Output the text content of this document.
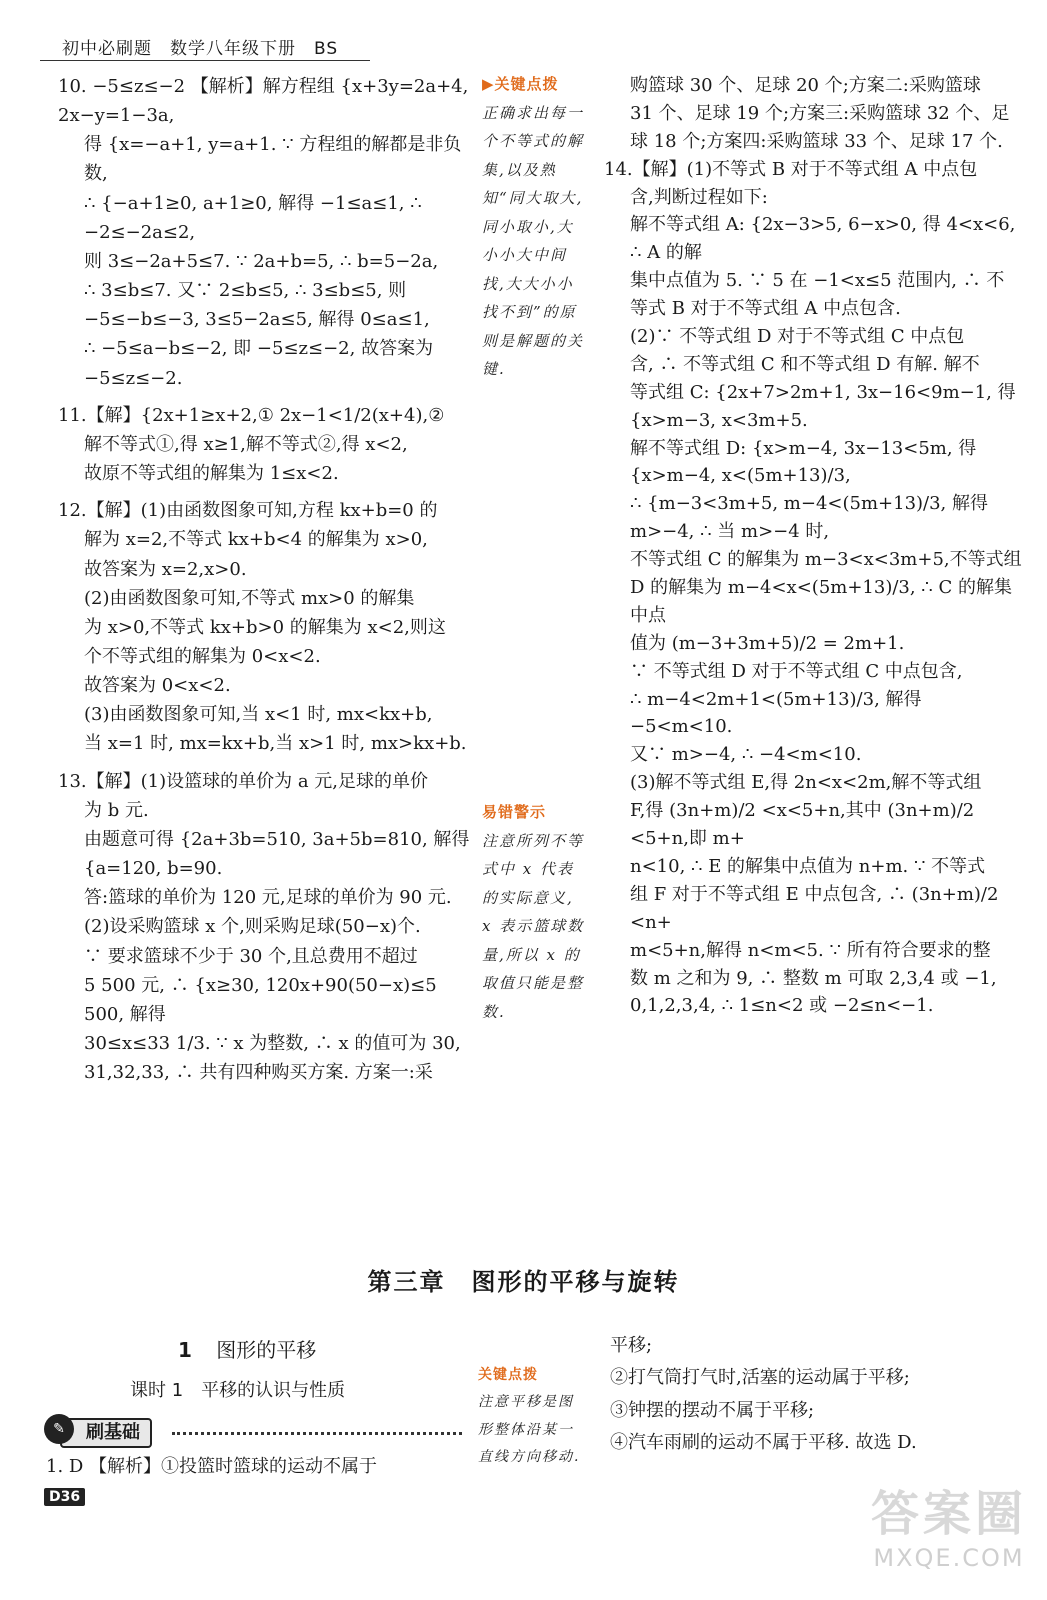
初中必刷题　数学八年级下册　BS

10. −5≤z≤−2 【解析】解方程组 {x+3y=2a+4, 2x−y=1−3a,

得 {x=−a+1, y=a+1. ∵ 方程组的解都是非负数,

∴ {−a+1≥0, a+1≥0, 解得 −1≤a≤1, ∴ −2≤−2a≤2,

则 3≤−2a+5≤7. ∵ 2a+b=5, ∴ b=5−2a,

∴ 3≤b≤7. 又∵ 2≤b≤5, ∴ 3≤b≤5, 则

−5≤−b≤−3, 3≤5−2a≤5, 解得 0≤a≤1,

∴ −5≤a−b≤−2, 即 −5≤z≤−2, 故答案为

−5≤z≤−2.

11.【解】{2x+1≥x+2,① 2x−1<1/2(x+4),②

解不等式①,得 x≥1,解不等式②,得 x<2,

故原不等式组的解集为 1≤x<2.

12.【解】(1)由函数图象可知,方程 kx+b=0 的

解为 x=2,不等式 kx+b<4 的解集为 x>0,

故答案为 x=2,x>0.

(2)由函数图象可知,不等式 mx>0 的解集

为 x>0,不等式 kx+b>0 的解集为 x<2,则这

个不等式组的解集为 0<x<2.

故答案为 0<x<2.

(3)由函数图象可知,当 x<1 时, mx<kx+b,

当 x=1 时, mx=kx+b,当 x>1 时, mx>kx+b.

13.【解】(1)设篮球的单价为 a 元,足球的单价

为 b 元.

由题意可得 {2a+3b=510, 3a+5b=810, 解得 {a=120, b=90.

答:篮球的单价为 120 元,足球的单价为 90 元.

(2)设采购篮球 x 个,则采购足球(50−x)个.

∵ 要求篮球不少于 30 个,且总费用不超过

5 500 元, ∴ {x≥30, 120x+90(50−x)≤5 500, 解得

30≤x≤33 1/3. ∵ x 为整数, ∴ x 的值可为 30,

31,32,33, ∴ 共有四种购买方案. 方案一:采

▶关键点拨
正确求出每一个不等式的解集,以及熟知“同大取大,同小取小,大小小大中间找,大大小小找不到”的原则是解题的关键.
易错警示
注意所列不等式中 x 代表的实际意义, x 表示篮球数量,所以 x 的取值只能是整数.

购篮球 30 个、足球 20 个;方案二:采购篮球

31 个、足球 19 个;方案三:采购篮球 32 个、足

球 18 个;方案四:采购篮球 33 个、足球 17 个.

14.【解】(1)不等式 B 对于不等式组 A 中点包

含,判断过程如下:

解不等式组 A: {2x−3>5, 6−x>0, 得 4<x<6, ∴ A 的解

集中点值为 5. ∵ 5 在 −1<x≤5 范围内, ∴ 不

等式 B 对于不等式组 A 中点包含.

(2)∵ 不等式组 D 对于不等式组 C 中点包

含, ∴ 不等式组 C 和不等式组 D 有解. 解不

等式组 C: {2x+7>2m+1, 3x−16<9m−1, 得 {x>m−3, x<3m+5.

解不等式组 D: {x>m−4, 3x−13<5m, 得 {x>m−4, x<(5m+13)/3,

∴ {m−3<3m+5, m−4<(5m+13)/3, 解得 m>−4, ∴ 当 m>−4 时,

不等式组 C 的解集为 m−3<x<3m+5,不等式组

D 的解集为 m−4<x<(5m+13)/3, ∴ C 的解集中点

值为 (m−3+3m+5)/2 = 2m+1.

∵ 不等式组 D 对于不等式组 C 中点包含,

∴ m−4<2m+1<(5m+13)/3, 解得 −5<m<10.

又∵ m>−4, ∴ −4<m<10.

(3)解不等式组 E,得 2n<x<2m,解不等式组

F,得 (3n+m)/2 <x<5+n,其中 (3n+m)/2 <5+n,即 m+

n<10, ∴ E 的解集中点值为 n+m. ∵ 不等式

组 F 对于不等式组 E 中点包含, ∴ (3n+m)/2 <n+

m<5+n,解得 n<m<5. ∵ 所有符合要求的整

数 m 之和为 9, ∴ 整数 m 可取 2,3,4 或 −1,

0,1,2,3,4, ∴ 1≤n<2 或 −2≤n<−1.

第三章　图形的平移与旋转
1 图形的平移
课时 1　平移的认识与性质
刷基础
✎

1. D 【解析】①投篮时篮球的运动不属于

关键点拨
注意平移是图形整体沿某一直线方向移动.

平移;

②打气筒打气时,活塞的运动属于平移;

③钟摆的摆动不属于平移;

④汽车雨刷的运动不属于平移. 故选 D.

D36	答案圈
MXQE.COM
